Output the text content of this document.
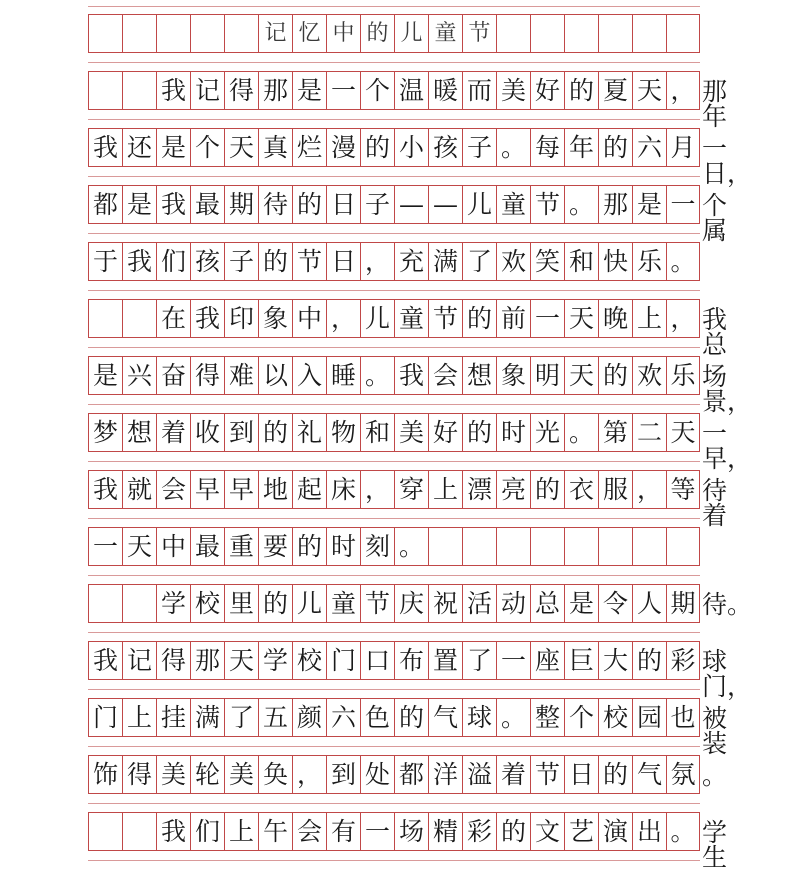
记 忆 中 的 儿 童 节
我 记 得 那 是 一 个 温 暖 而 美 好 的 夏 天 ， 那年
我 还 是 个 天 真 烂 漫 的 小 孩 子 。 每 年 的 六 月 一日，
都 是 我 最 期 待 的 日 子 — — 儿 童 节 。 那 是 一 个属
于 我 们 孩 子 的 节 日 ， 充 满 了 欢 笑 和 快 乐 。
在 我 印 象 中 ， 儿 童 节 的 前 一 天 晚 上 ， 我总
是 兴 奋 得 难 以 入 睡 。 我 会 想 象 明 天 的 欢 乐 场景，
梦 想 着 收 到 的 礼 物 和 美 好 的 时 光 。 第 二 天 一早，
我 就 会 早 早 地 起 床 ， 穿 上 漂 亮 的 衣 服 ， 等 待着
一 天 中 最 重 要 的 时 刻 。
学 校 里 的 儿 童 节 庆 祝 活 动 总 是 令 人 期 待。
我 记 得 那 天 学 校 门 口 布 置 了 一 座 巨 大 的 彩 球门，
门 上 挂 满 了 五 颜 六 色 的 气 球 。 整 个 校 园 也 被装
饰 得 美 轮 美 奂 ， 到 处 都 洋 溢 着 节 日 的 气 氛 。
我 们 上 午 会 有 一 场 精 彩 的 文 艺 演 出 。 学生
